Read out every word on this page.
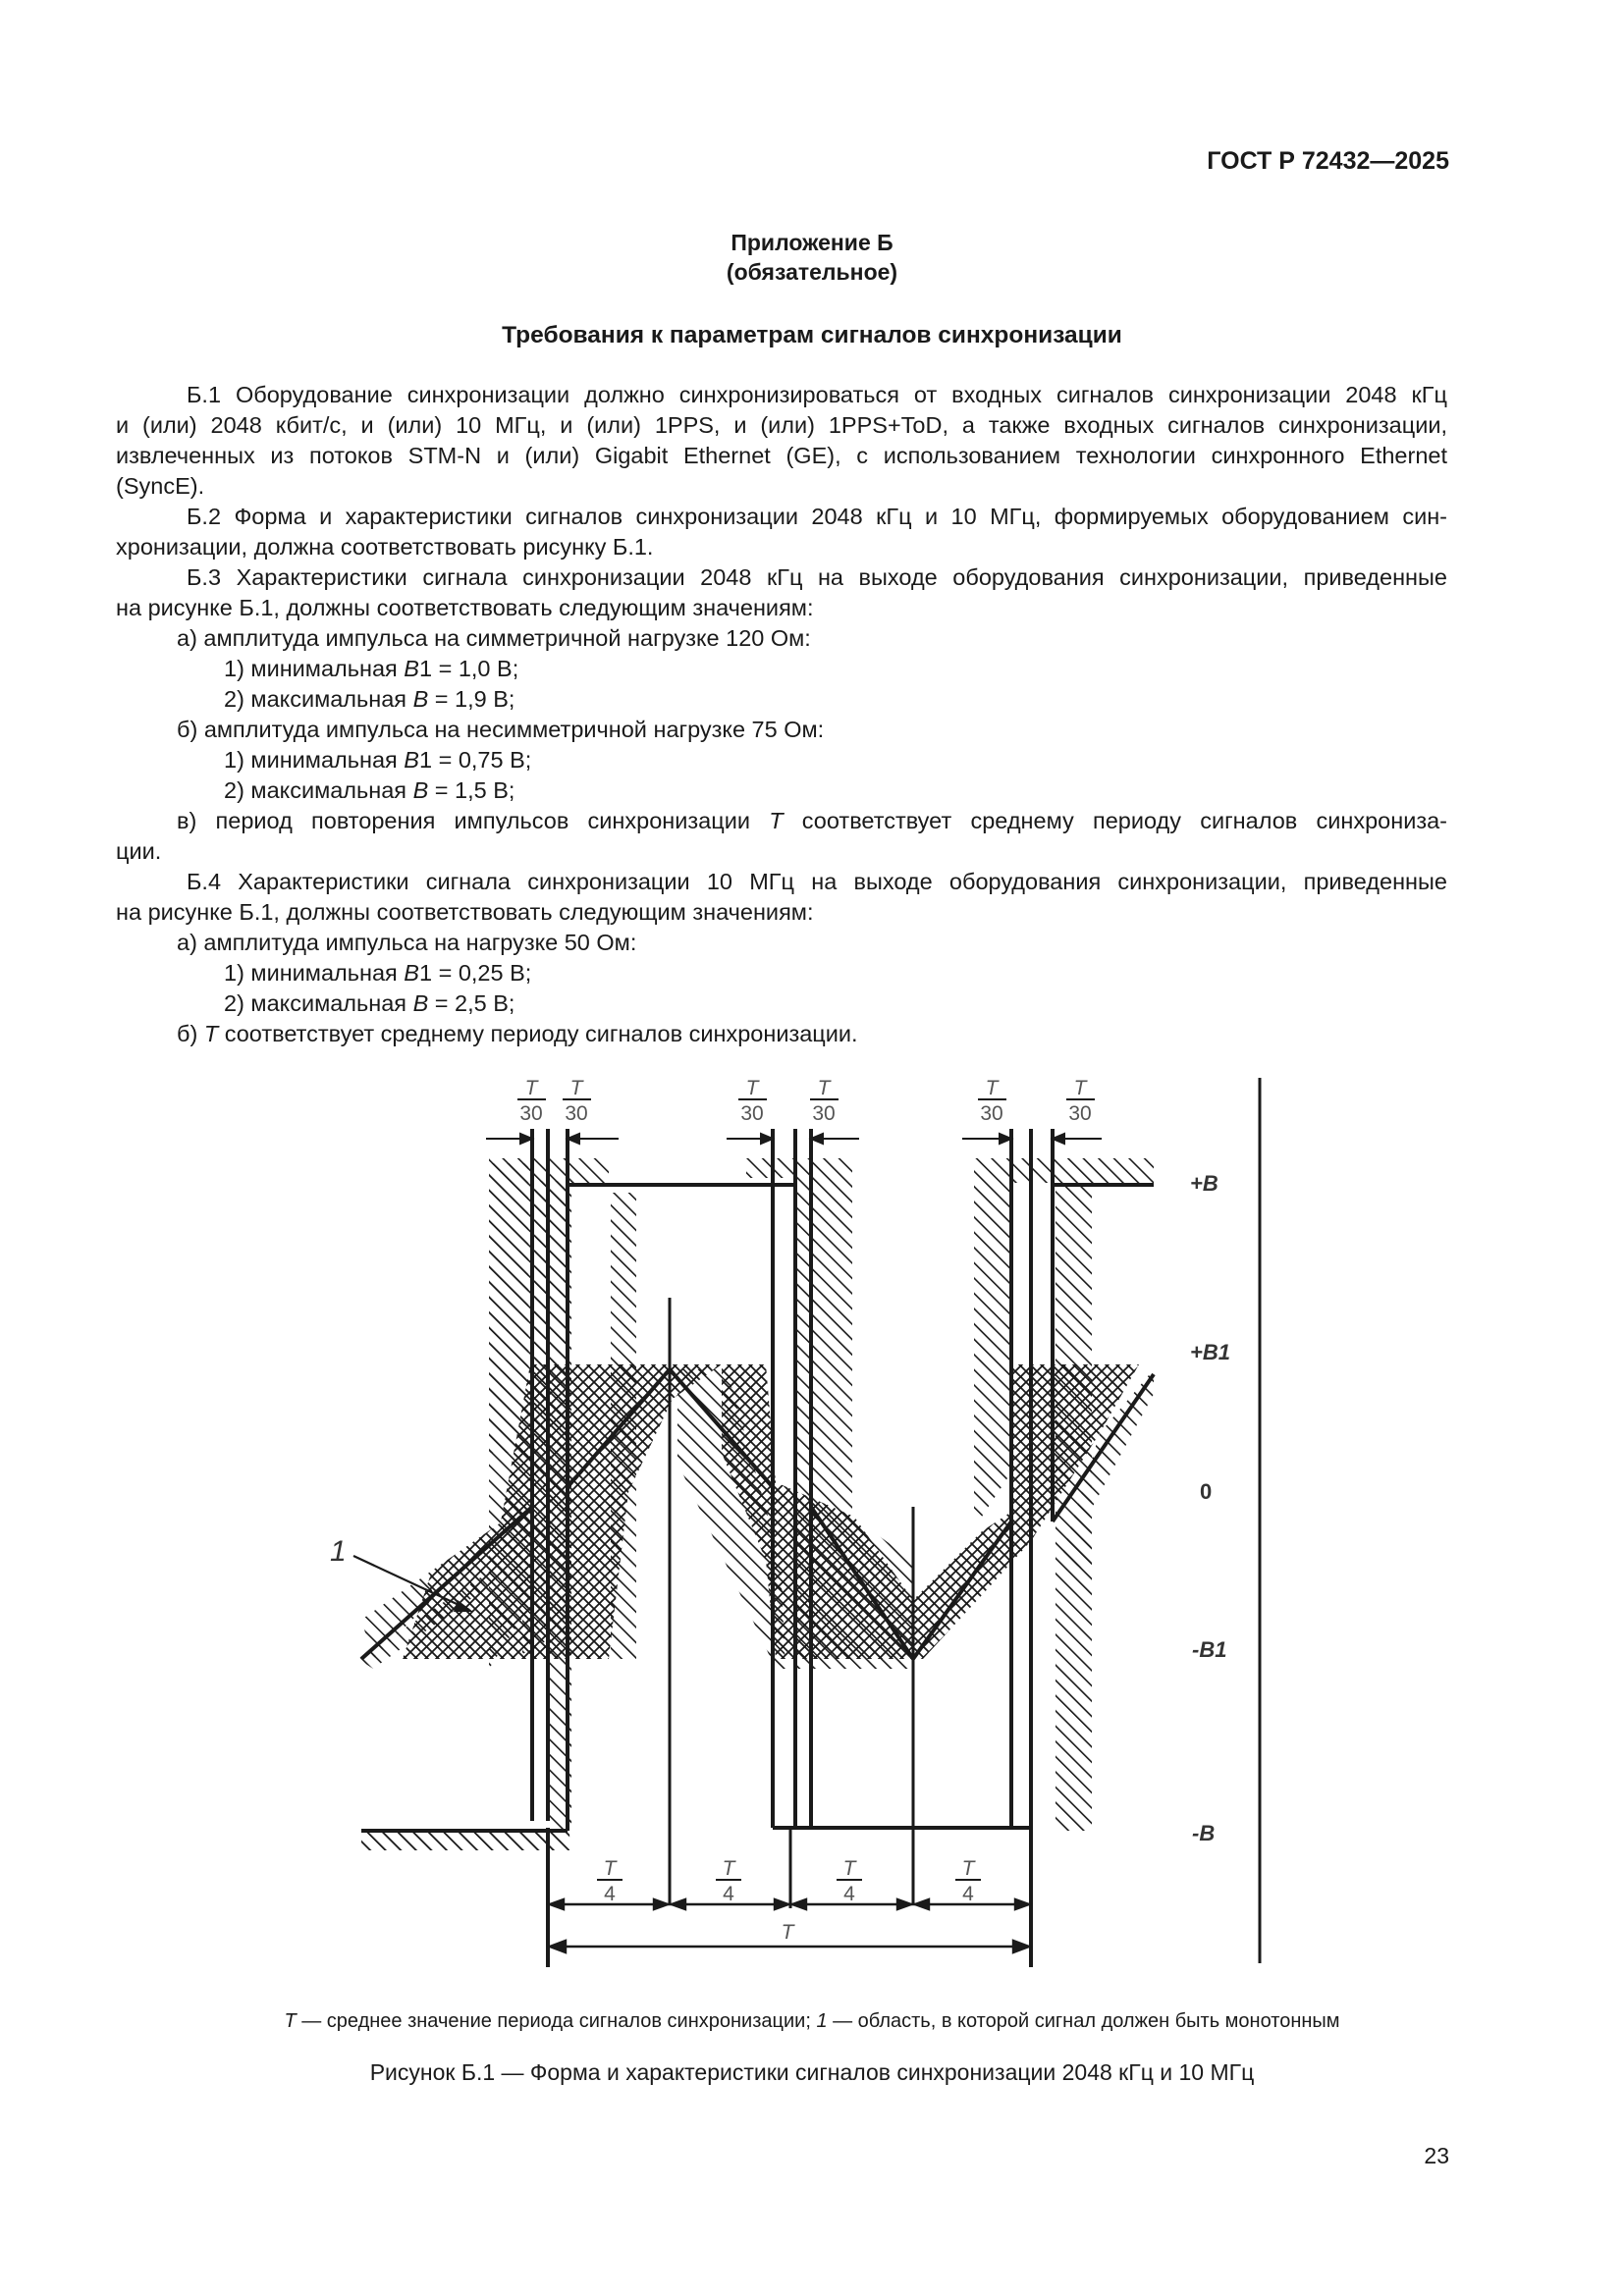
ГОСТ Р 72432—2025
Приложение Б
(обязательное)
Требования к параметрам сигналов синхронизации

Б.1 Оборудование синхронизации должно синхронизироваться от входных сигналов синхронизации 2048 кГц

и (или) 2048 кбит/с, и (или) 10 МГц, и (или) 1PPS, и (или) 1PPS+ToD, а также входных сигналов синхронизации,

извлеченных из потоков STM-N и (или) Gigabit Ethernet (GE), с использованием технологии синхронного Ethernet

(SyncE).

Б.2 Форма и характеристики сигналов синхронизации 2048 кГц и 10 МГц, формируемых оборудованием син-

хронизации, должна соответствовать рисунку Б.1.

Б.3 Характеристики сигнала синхронизации 2048 кГц на выходе оборудования синхронизации, приведенные

на рисунке Б.1, должны соответствовать следующим значениям:

а) амплитуда импульса на симметричной нагрузке 120 Ом:

1) минимальная B1 = 1,0 В;

2) максимальная B = 1,9 В;

б) амплитуда импульса на несимметричной нагрузке 75 Ом:

1) минимальная B1 = 0,75 В;

2) максимальная B = 1,5 В;

в) период повторения импульсов синхронизации T соответствует среднему периоду сигналов синхрониза-

ции.

Б.4 Характеристики сигнала синхронизации 10 МГц на выходе оборудования синхронизации, приведенные

на рисунке Б.1, должны соответствовать следующим значениям:

а) амплитуда импульса на нагрузке 50 Ом:

1) минимальная B1 = 0,25 В;

2) максимальная B = 2,5 В;

б) T соответствует среднему периоду сигналов синхронизации.

T
30
T
30
T
30
T
30
T
30
T
30
T
4
T
4
T
4
T
4
T
+B
+B1
0
-B1
-B
1
T — среднее значение периода сигналов синхронизации; 1 — область, в которой сигнал должен быть монотонным
Рисунок Б.1 — Форма и характеристики сигналов синхронизации 2048 кГц и 10 МГц
23
